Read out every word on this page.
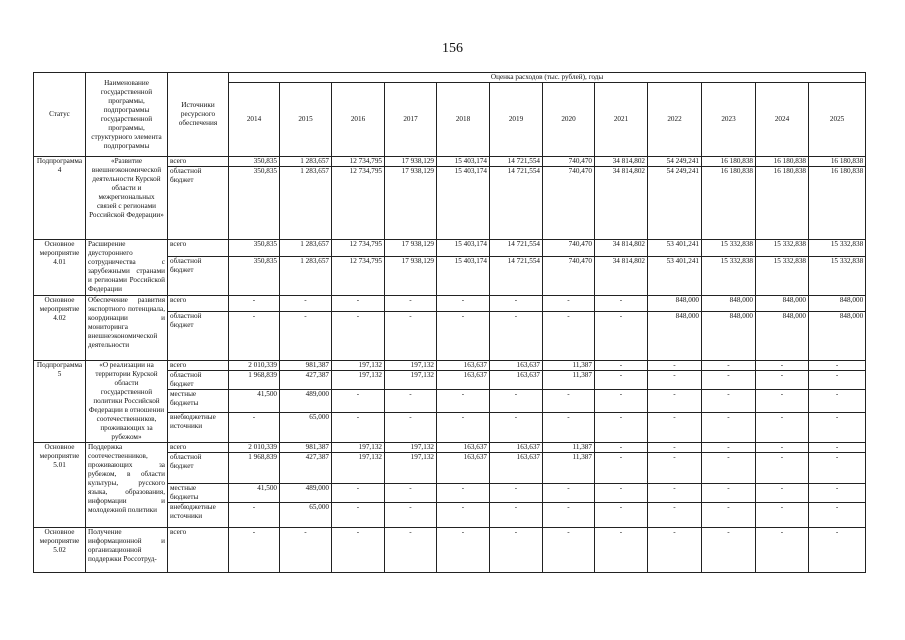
156
Статус	Наименование государственной программы, подпрограммы государственной программы, структурного элемента подпрограммы	Источники ресурсного обеспечения	Оценка расходов (тыс. рублей), годы											
			2014	2015	2016	2017	2018	2019	2020	2021	2022	2023	2024	2025
Подпрограмма 4	«Развитие внешнеэкономической деятельности Курской области и межрегиональных связей с регионами Российской Федерации»	всего	350,835	1 283,657	12 734,795	17 938,129	15 403,174	14 721,554	740,470	34 814,802	54 249,241	16 180,838	16 180,838	16 180,838
		областной бюджет	350,835	1 283,657	12 734,795	17 938,129	15 403,174	14 721,554	740,470	34 814,802	54 249,241	16 180,838	16 180,838	16 180,838
Основное мероприятие 4.01	Расширение двустороннего сотрудничества с зарубежными странами и регионами Российской Федерации	всего	350,835	1 283,657	12 734,795	17 938,129	15 403,174	14 721,554	740,470	34 814,802	53 401,241	15 332,838	15 332,838	15 332,838
		областной бюджет	350,835	1 283,657	12 734,795	17 938,129	15 403,174	14 721,554	740,470	34 814,802	53 401,241	15 332,838	15 332,838	15 332,838
Основное мероприятие 4.02	Обеспечение развития экспортного потенциала, координации и мониторинга внешнеэкономической деятельности	всего	-	-	-	-	-	-	-	-	848,000	848,000	848,000	848,000
		областной бюджет	-	-	-	-	-	-	-	-	848,000	848,000	848,000	848,000
Подпрограмма 5	«О реализации на территории Курской области государственной политики Российской Федерации в отношении соотечественников, проживающих за рубежом»	всего	2 010,339	981,387	197,132	197,132	163,637	163,637	11,387	-	-	-	-	-
		областной бюджет	1 968,839	427,387	197,132	197,132	163,637	163,637	11,387	-	-	-	-	-
		местные бюджеты	41,500	489,000	-	-	-	-	-	-	-	-	-	-
		внебюджетные источники	-	65,000	-	-	-	-	-	-	-	-	-	-
Основное мероприятие 5.01	Поддержка соотечественников, проживающих за рубежом, в области культуры, русского языка, образования, информации и молодежной политики	всего	2 010,339	981,387	197,132	197,132	163,637	163,637	11,387	-	-	-	-	-
		областной бюджет	1 968,839	427,387	197,132	197,132	163,637	163,637	11,387	-	-	-	-	-
		местные бюджеты	41,500	489,000	-	-	-	-	-	-	-	-	-	-
		внебюджетные источники	-	65,000	-	-	-	-	-	-	-	-	-	-
Основное мероприятие 5.02	Получение информационной и организационной поддержки Россотруд-	всего	-	-	-	-	-	-	-	-	-	-	-	-
